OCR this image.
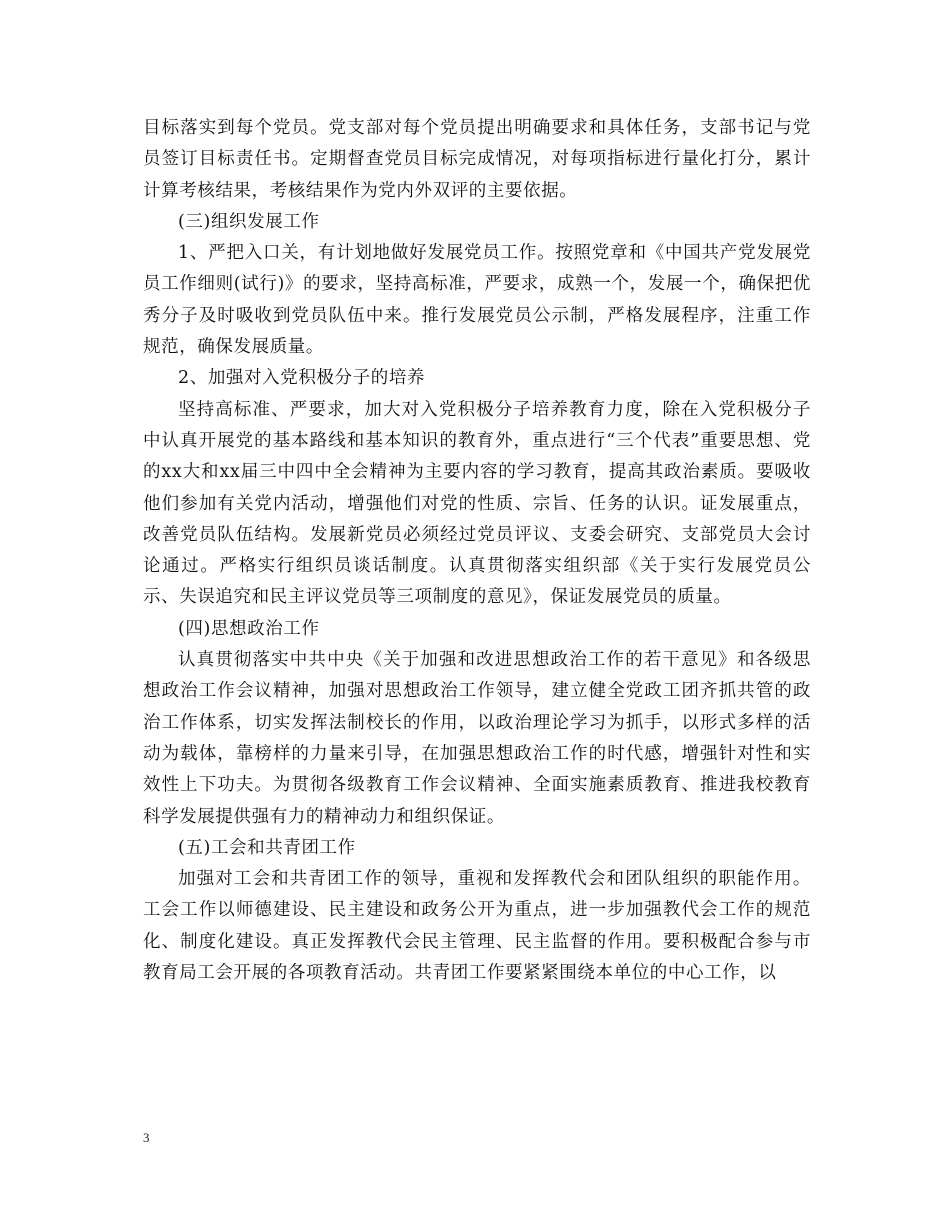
目标落实到每个党员。党支部对每个党员提出明确要求和具体任务，支部书记与党员签订目标责任书。定期督查党员目标完成情况，对每项指标进行量化打分，累计计算考核结果，考核结果作为党内外双评的主要依据。

(三)组织发展工作

1、严把入口关，有计划地做好发展党员工作。按照党章和《中国共产党发展党员工作细则(试行)》的要求，坚持高标准，严要求，成熟一个，发展一个，确保把优秀分子及时吸收到党员队伍中来。推行发展党员公示制，严格发展程序，注重工作规范，确保发展质量。

2、加强对入党积极分子的培养

坚持高标准、严要求，加大对入党积极分子培养教育力度，除在入党积极分子中认真开展党的基本路线和基本知识的教育外，重点进行“三个代表”重要思想、党的xx大和xx届三中四中全会精神为主要内容的学习教育，提高其政治素质。要吸收他们参加有关党内活动，增强他们对党的性质、宗旨、任务的认识。证发展重点，改善党员队伍结构。发展新党员必须经过党员评议、支委会研究、支部党员大会讨论通过。严格实行组织员谈话制度。认真贯彻落实组织部《关于实行发展党员公示、失误追究和民主评议党员等三项制度的意见》，保证发展党员的质量。

(四)思想政治工作

认真贯彻落实中共中央《关于加强和改进思想政治工作的若干意见》和各级思想政治工作会议精神，加强对思想政治工作领导，建立健全党政工团齐抓共管的政治工作体系，切实发挥法制校长的作用，以政治理论学习为抓手，以形式多样的活动为载体，靠榜样的力量来引导，在加强思想政治工作的时代感，增强针对性和实效性上下功夫。为贯彻各级教育工作会议精神、全面实施素质教育、推进我校教育科学发展提供强有力的精神动力和组织保证。

(五)工会和共青团工作

加强对工会和共青团工作的领导，重视和发挥教代会和团队组织的职能作用。工会工作以师德建设、民主建设和政务公开为重点，进一步加强教代会工作的规范化、制度化建设。真正发挥教代会民主管理、民主监督的作用。要积极配合参与市教育局工会开展的各项教育活动。共青团工作要紧紧围绕本单位的中心工作，以

3
